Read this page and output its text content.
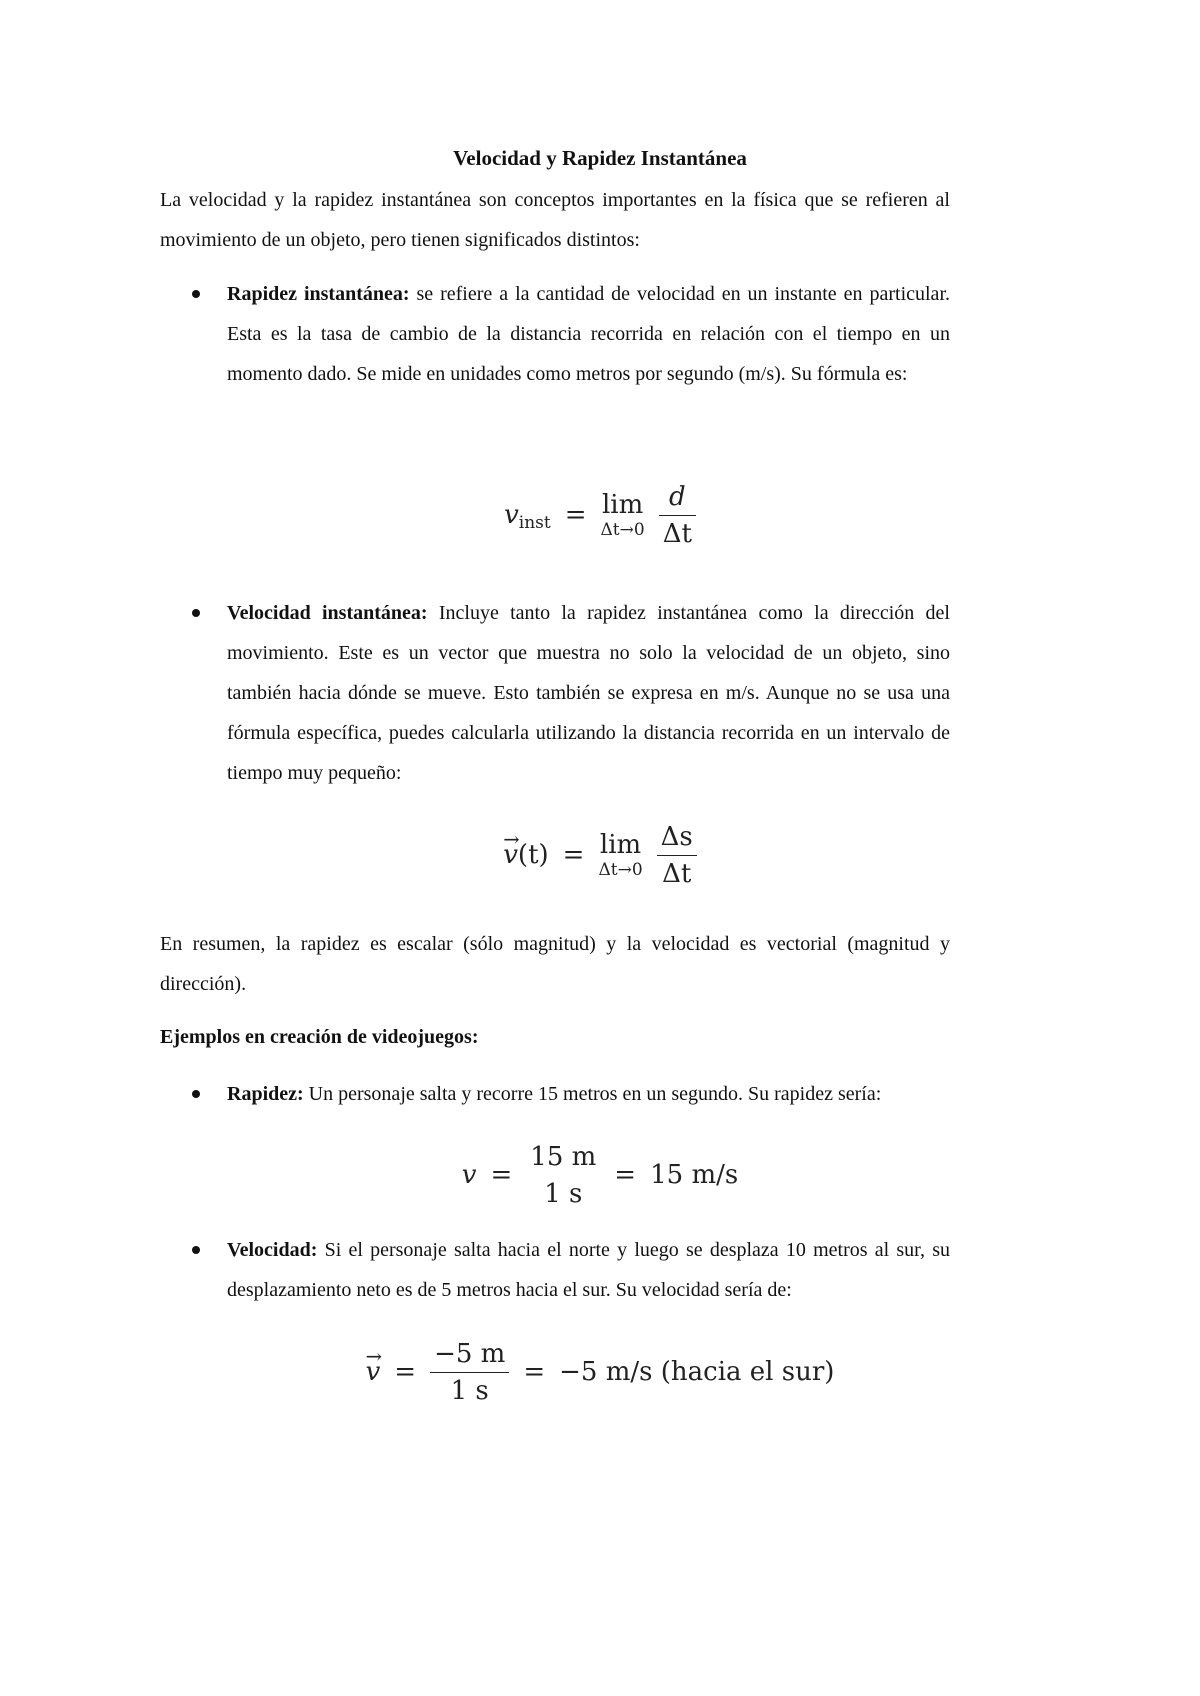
Velocidad y Rapidez Instantánea
La velocidad y la rapidez instantánea son conceptos importantes en la física que se refieren al movimiento de un objeto, pero tienen significados distintos:
Rapidez instantánea: se refiere a la cantidad de velocidad en un instante en particular. Esta es la tasa de cambio de la distancia recorrida en relación con el tiempo en un momento dado. Se mide en unidades como metros por segundo (m/s). Su fórmula es:
v inst = lim
$\Delta t\to 0 \frac{d}{\Delta t}$
Velocidad instantánea: Incluye tanto la rapidez instantánea como la dirección del movimiento. Este es un vector que muestra no solo la velocidad de un objeto, sino también hacia dónde se mueve. Esto también se expresa en m/s. Aunque no se usa una fórmula específica, puedes calcularla utilizando la distancia recorrida en un intervalo de tiempo muy pequeño:
→ v (t) = lim
$\Delta t\to 0 \frac{\Delta s}{\Delta t}$
En resumen, la rapidez es escalar (sólo magnitud) y la velocidad es vectorial (magnitud y dirección).
Ejemplos en creación de videojuegos:
Rapidez: Un personaje salta y recorre 15 metros en un segundo. Su rapidez sería:
v =
15 m
1 s
= 15 m/s
Velocidad: Si el personaje salta hacia el norte y luego se desplaza 10 metros al sur, su desplazamiento neto es de 5 metros hacia el sur. Su velocidad sería de:
→ $v = \frac{-5 m}{1 s} = -5$ m/s (hacia el sur)
